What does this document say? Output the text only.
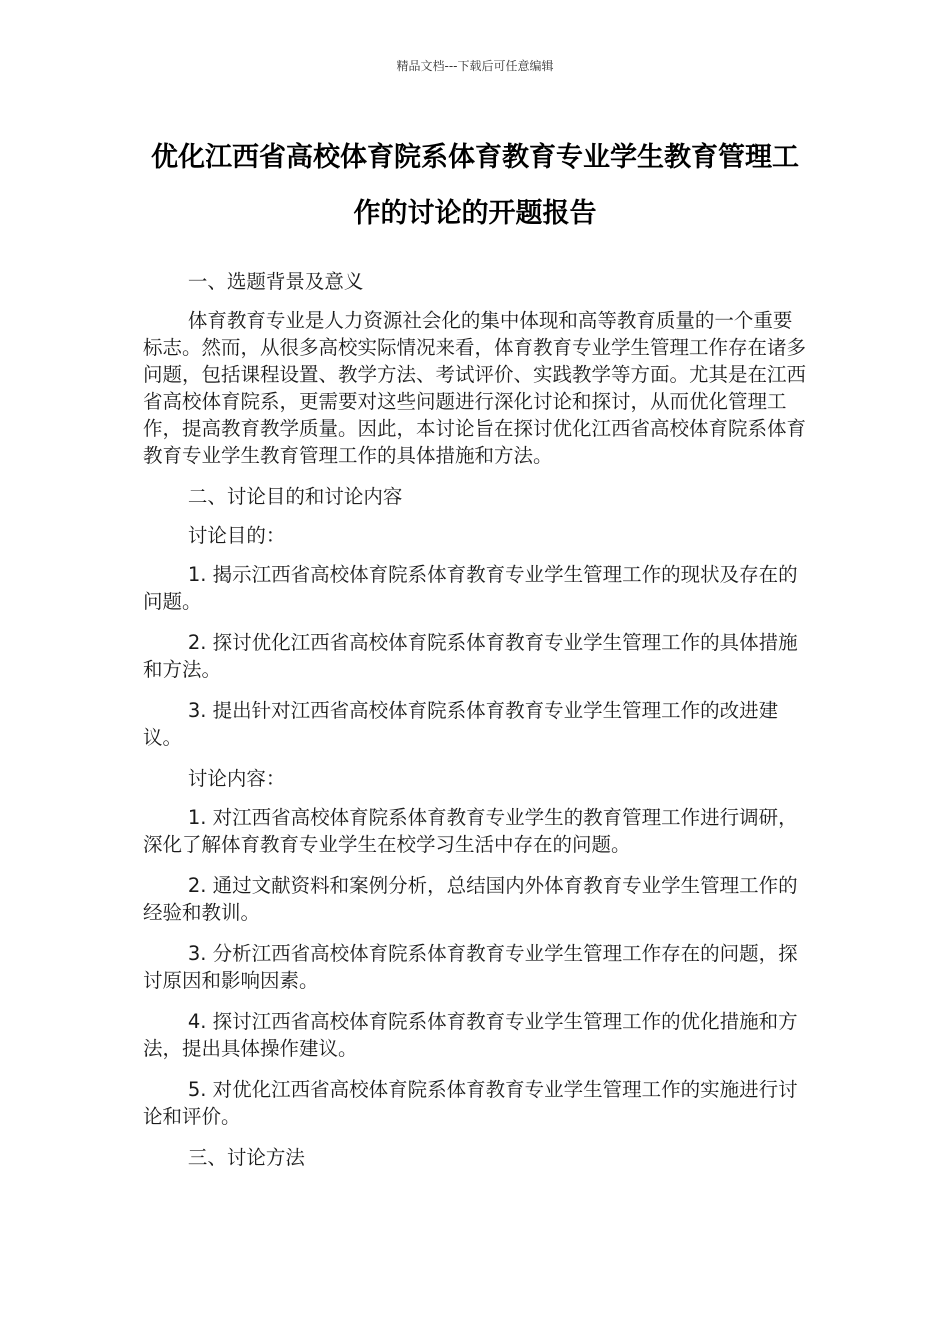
精品文档---下载后可任意编辑
优化江西省高校体育院系体育教育专业学生教育管理工作的讨论的开题报告

一、选题背景及意义

体育教育专业是人力资源社会化的集中体现和高等教育质量的一个重要标志。然而，从很多高校实际情况来看，体育教育专业学生管理工作存在诸多问题，包括课程设置、教学方法、考试评价、实践教学等方面。尤其是在江西省高校体育院系，更需要对这些问题进行深化讨论和探讨，从而优化管理工作，提高教育教学质量。因此，本讨论旨在探讨优化江西省高校体育院系体育教育专业学生教育管理工作的具体措施和方法。

二、讨论目的和讨论内容

讨论目的：

1. 揭示江西省高校体育院系体育教育专业学生管理工作的现状及存在的问题。

2. 探讨优化江西省高校体育院系体育教育专业学生管理工作的具体措施和方法。

3. 提出针对江西省高校体育院系体育教育专业学生管理工作的改进建议。

讨论内容：

1. 对江西省高校体育院系体育教育专业学生的教育管理工作进行调研，深化了解体育教育专业学生在校学习生活中存在的问题。

2. 通过文献资料和案例分析，总结国内外体育教育专业学生管理工作的经验和教训。

3. 分析江西省高校体育院系体育教育专业学生管理工作存在的问题，探讨原因和影响因素。

4. 探讨江西省高校体育院系体育教育专业学生管理工作的优化措施和方法，提出具体操作建议。

5. 对优化江西省高校体育院系体育教育专业学生管理工作的实施进行讨论和评价。

三、讨论方法
